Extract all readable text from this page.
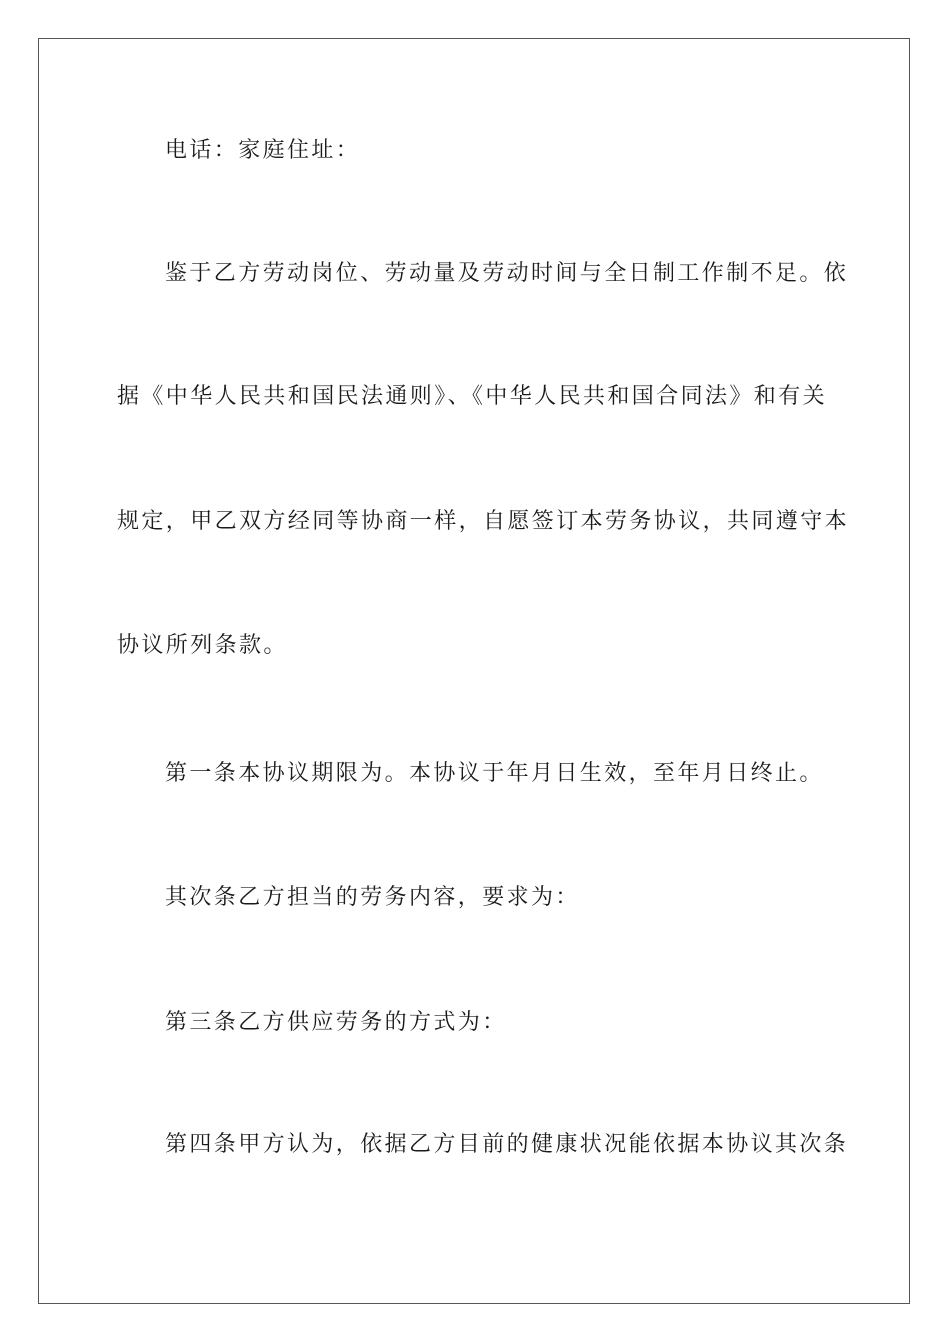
电话：家庭住址：
鉴于乙方劳动岗位、劳动量及劳动时间与全日制工作制不足。依
据《中华人民共和国民法通则》、《中华人民共和国合同法》和有关
规定，甲乙双方经同等协商一样，自愿签订本劳务协议，共同遵守本
协议所列条款。
第一条本协议期限为。本协议于年月日生效，至年月日终止。
其次条乙方担当的劳务内容，要求为：
第三条乙方供应劳务的方式为：
第四条甲方认为，依据乙方目前的健康状况能依据本协议其次条
